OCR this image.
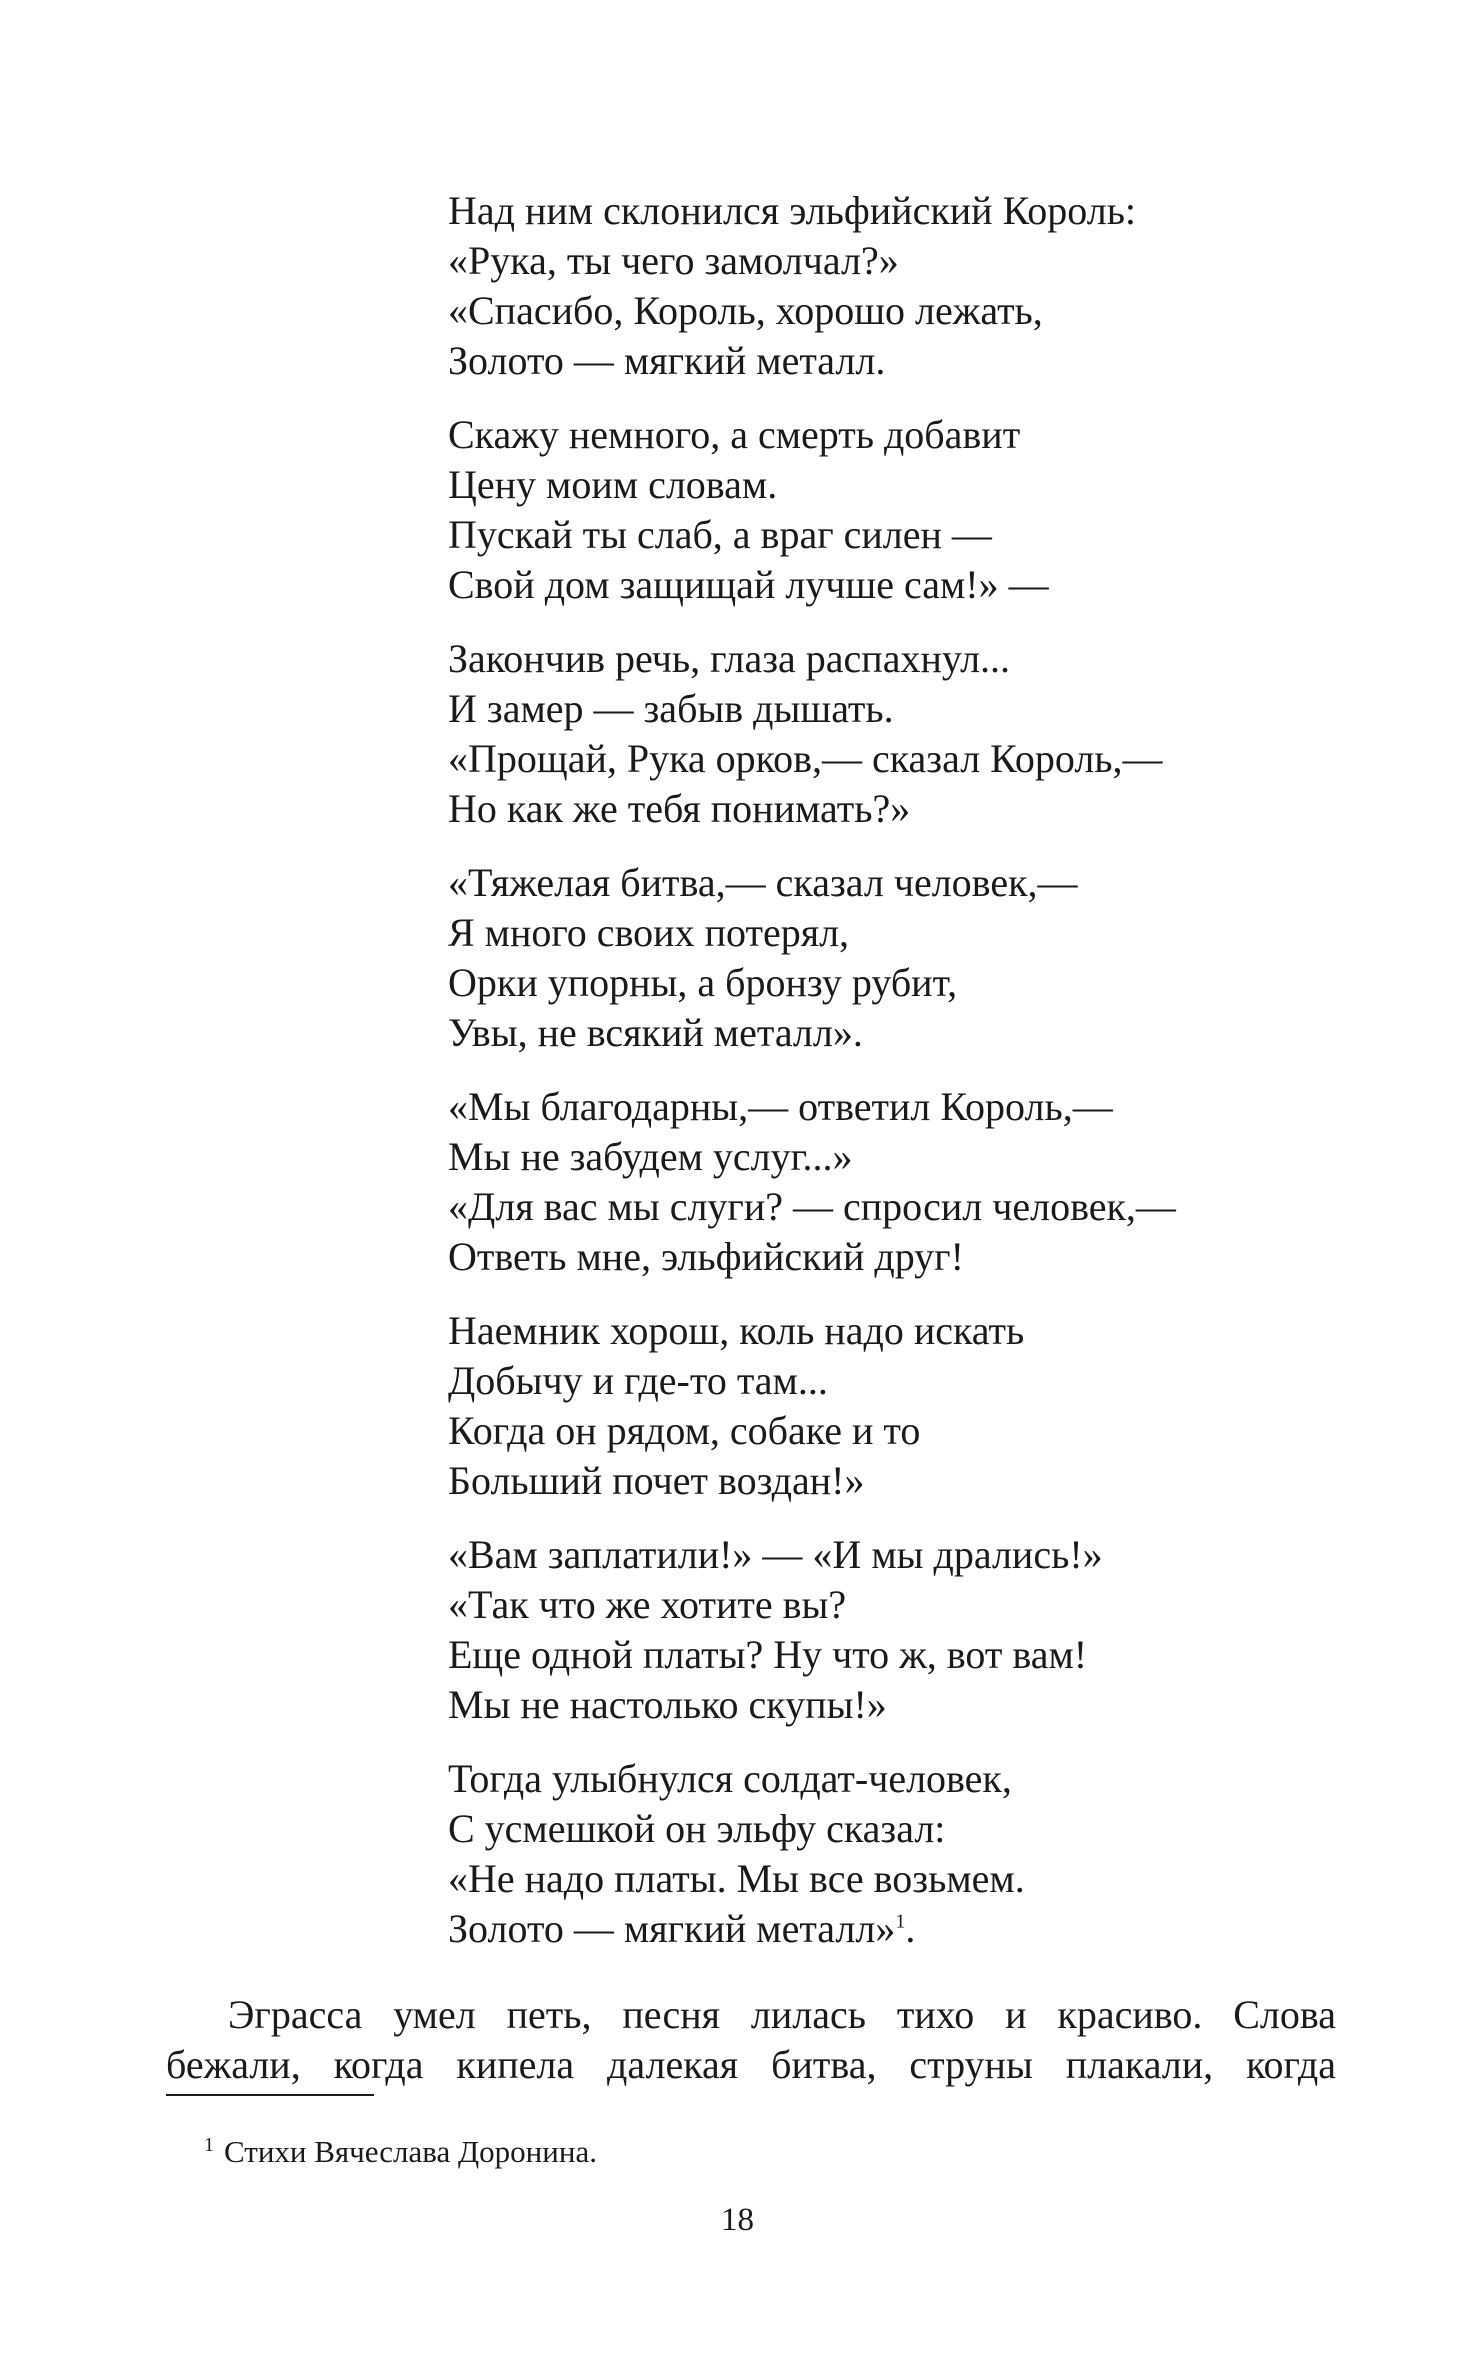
Над ним склонился эльфийский Король:
«Рука, ты чего замолчал?»
«Спасибо, Король, хорошо лежать,
Золото — мягкий металл.
Скажу немного, а смерть добавит
Цену моим словам.
Пускай ты слаб, а враг силен —
Свой дом защищай лучше сам!» —
Закончив речь, глаза распахнул...
И замер — забыв дышать.
«Прощай, Рука орков,— сказал Король,—
Но как же тебя понимать?»
«Тяжелая битва,— сказал человек,—
Я много своих потерял,
Орки упорны, а бронзу рубит,
Увы, не всякий металл».
«Мы благодарны,— ответил Король,—
Мы не забудем услуг...»
«Для вас мы слуги? — спросил человек,—
Ответь мне, эльфийский друг!
Наемник хорош, коль надо искать
Добычу и где-то там...
Когда он рядом, собаке и то
Больший почет воздан!»
«Вам заплатили!» — «И мы дрались!»
«Так что же хотите вы?
Еще одной платы? Ну что ж, вот вам!
Мы не настолько скупы!»
Тогда улыбнулся солдат-человек,
С усмешкой он эльфу сказал:
«Не надо платы. Мы все возьмем.
Золото — мягкий металл»$^1$.
Эграсса умел петь, песня лилась тихо и красиво. Слова
бежали, когда кипела далекая битва, струны плакали, когда
$^1$ Стихи Вячеслава Доронина.
18
